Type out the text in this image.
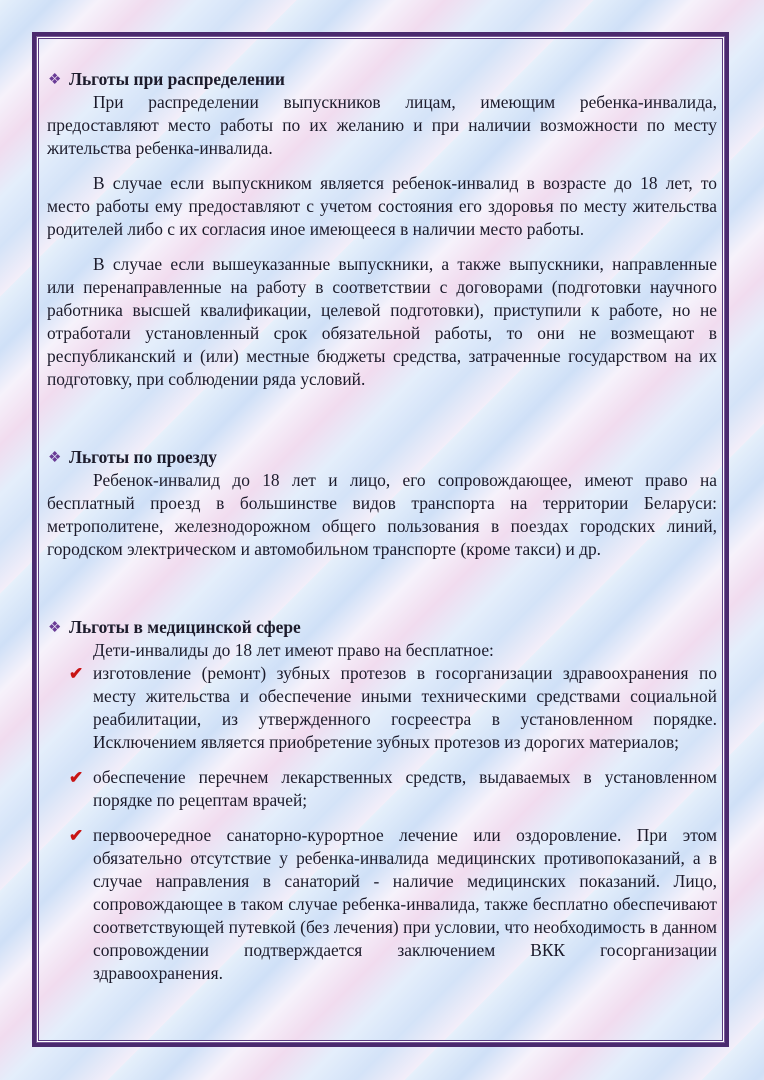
❖ Льготы при распределении

При распределении выпускников лицам, имеющим ребенка-инвалида, предоставляют место работы по их желанию и при наличии возможности по месту жительства ребенка-инвалида.

В случае если выпускником является ребенок-инвалид в возрасте до 18 лет, то место работы ему предоставляют с учетом состояния его здоровья по месту жительства родителей либо с их согласия иное имеющееся в наличии место работы.

В случае если вышеуказанные выпускники, а также выпускники, направленные или перенаправленные на работу в соответствии с договорами (подготовки научного работника высшей квалификации, целевой подготовки), приступили к работе, но не отработали установленный срок обязательной работы, то они не возмещают в республиканский и (или) местные бюджеты средства, затраченные государством на их подготовку, при соблюдении ряда условий.

❖ Льготы по проезду

Ребенок-инвалид до 18 лет и лицо, его сопровождающее, имеют право на бесплатный проезд в большинстве видов транспорта на территории Беларуси: метрополитене, железнодорожном общего пользования в поездах городских линий, городском электрическом и автомобильном транспорте (кроме такси) и др.

❖ Льготы в медицинской сфере

Дети-инвалиды до 18 лет имеют право на бесплатное:

✔ изготовление (ремонт) зубных протезов в госорганизации здравоохранения по месту жительства и обеспечение иными техническими средствами социальной реабилитации, из утвержденного госреестра в установленном порядке. Исключением является приобретение зубных протезов из дорогих материалов;
✔ обеспечение перечнем лекарственных средств, выдаваемых в установленном порядке по рецептам врачей;
✔ первоочередное санаторно-курортное лечение или оздоровление. При этом обязательно отсутствие у ребенка-инвалида медицинских противопоказаний, а в случае направления в санаторий - наличие медицинских показаний. Лицо, сопровождающее в таком случае ребенка-инвалида, также бесплатно обеспечивают соответствующей путевкой (без лечения) при условии, что необходимость в данном сопровождении подтверждается заключением ВКК госорганизации здравоохранения.
